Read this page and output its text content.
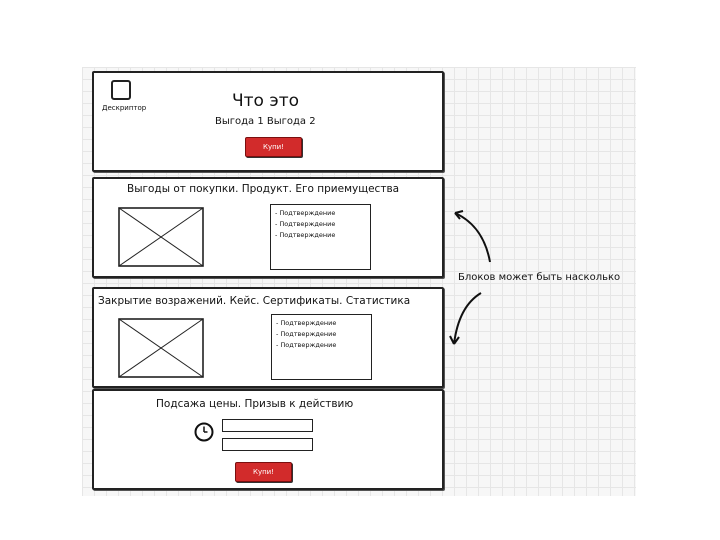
Дескриптор	Что это
Выгода 1 Выгода 2
Купи!
Выгоды от покупки. Продукт. Его приемущества
- Подтверждение
- Подтверждение
- Подтверждение
Закрытие возражений. Кейс. Сертификаты. Статистика
- Подтверждение
- Подтверждение
- Подтверждение
Подсажа цены. Призыв к действию
Купи!
Блоков может быть насколько
